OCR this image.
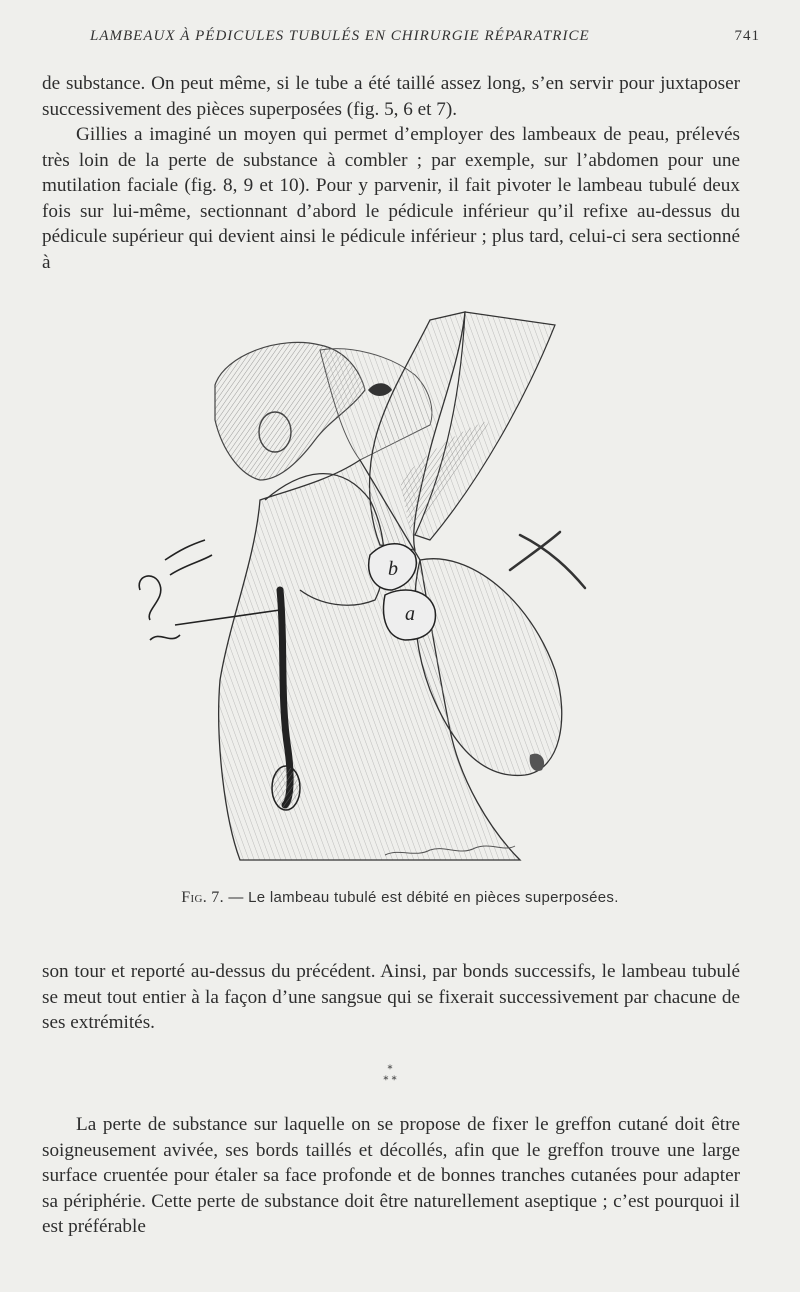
LAMBEAUX À PÉDICULES TUBULÉS EN CHIRURGIE RÉPARATRICE	741

de substance. On peut même, si le tube a été taillé assez long, s’en servir pour juxtaposer successivement des pièces superposées (fig. 5, 6 et 7).

Gillies a imaginé un moyen qui permet d’employer des lambeaux de peau, prélevés très loin de la perte de substance à combler ; par exemple, sur l’abdomen pour une mutilation faciale (fig. 8, 9 et 10). Pour y parvenir, il fait pivoter le lambeau tubulé deux fois sur lui-même, sectionnant d’abord le pédicule inférieur qu’il refixe au-dessus du pédicule supérieur qui devient ainsi le pédicule inférieur ; plus tard, celui-ci sera sectionné à

b
a
Fig. 7. — Le lambeau tubulé est débité en pièces superposées.

son tour et reporté au-dessus du précédent. Ainsi, par bonds successifs, le lambeau tubulé se meut tout entier à la façon d’une sangsue qui se fixerait successivement par chacune de ses extrémités.

*
* *

La perte de substance sur laquelle on se propose de fixer le greffon cutané doit être soigneusement avivée, ses bords taillés et décollés, afin que le greffon trouve une large surface cruentée pour étaler sa face profonde et de bonnes tranches cutanées pour adapter sa périphérie. Cette perte de substance doit être naturellement aseptique ; c’est pourquoi il est préférable
